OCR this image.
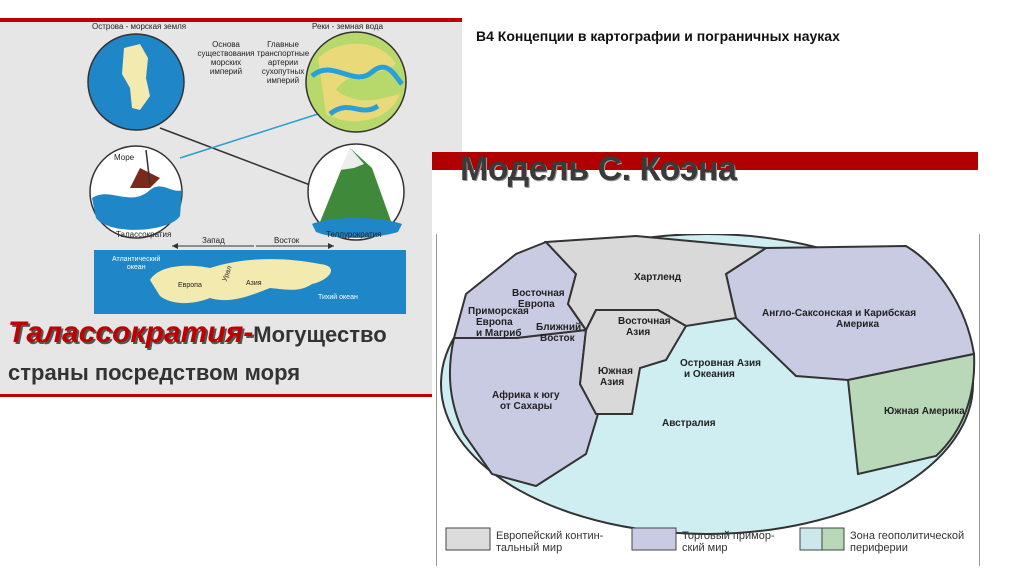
Острова - морская земля	Реки - земная вода
Основа
существования
морских
империй
Главные
транспортные
артерии
сухопутных
империй
Море
Талассократия	Теллурократия
Запад	Восток
Атлантический
океан
Европа
Урал
Азия
Тихий океан
Талассократия-Могущество
страны посредством моря
В4 Концепции в картографии и пограничных науках
Модель С. Коэна
Хартленд
Восточная Европа
Приморская Европа и Магриб
Ближний Восток
Восточная Азия
Южная Азия
Африка к югу от Сахары
Островная Азия и Океания
Австралия
Англо-Саксонская и Карибская Америка
Южная Америка
Европейский контин-
тальный мир
Торговый примор-
ский мир
Зона геополитической
периферии
